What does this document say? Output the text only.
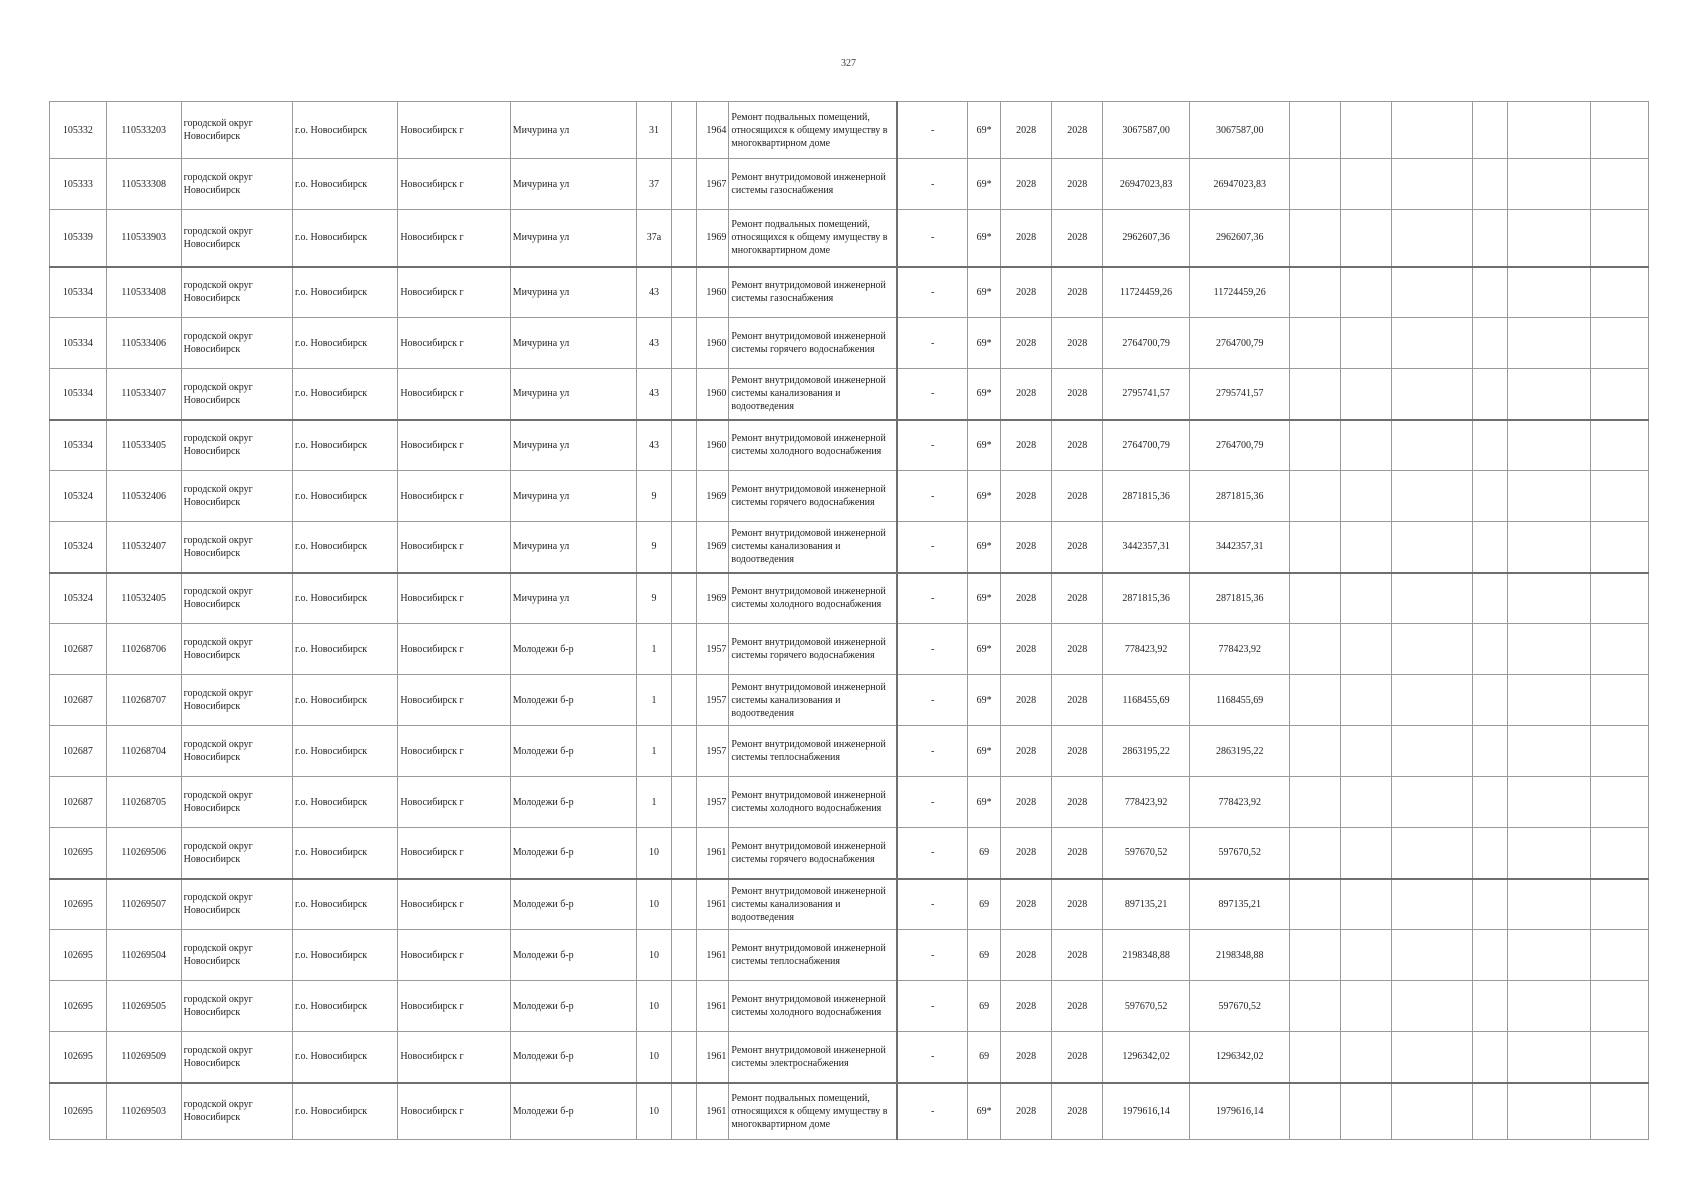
327
105332	110533203	городской округ Новосибирск	г.о. Новосибирск	Новосибирск г	Мичурина ул	31		1964	Ремонт подвальных помещений, относящихся к общему имуществу в многоквартирном доме	-	69*	2028	2028	3067587,00	3067587,00						
105333	110533308	городской округ Новосибирск	г.о. Новосибирск	Новосибирск г	Мичурина ул	37		1967	Ремонт внутридомовой инженерной системы газоснабжения	-	69*	2028	2028	26947023,83	26947023,83						
105339	110533903	городской округ Новосибирск	г.о. Новосибирск	Новосибирск г	Мичурина ул	37а		1969	Ремонт подвальных помещений, относящихся к общему имуществу в многоквартирном доме	-	69*	2028	2028	2962607,36	2962607,36						
105334	110533408	городской округ Новосибирск	г.о. Новосибирск	Новосибирск г	Мичурина ул	43		1960	Ремонт внутридомовой инженерной системы газоснабжения	-	69*	2028	2028	11724459,26	11724459,26						
105334	110533406	городской округ Новосибирск	г.о. Новосибирск	Новосибирск г	Мичурина ул	43		1960	Ремонт внутридомовой инженерной системы горячего водоснабжения	-	69*	2028	2028	2764700,79	2764700,79						
105334	110533407	городской округ Новосибирск	г.о. Новосибирск	Новосибирск г	Мичурина ул	43		1960	Ремонт внутридомовой инженерной системы канализования и водоотведения	-	69*	2028	2028	2795741,57	2795741,57						
105334	110533405	городской округ Новосибирск	г.о. Новосибирск	Новосибирск г	Мичурина ул	43		1960	Ремонт внутридомовой инженерной системы холодного водоснабжения	-	69*	2028	2028	2764700,79	2764700,79						
105324	110532406	городской округ Новосибирск	г.о. Новосибирск	Новосибирск г	Мичурина ул	9		1969	Ремонт внутридомовой инженерной системы горячего водоснабжения	-	69*	2028	2028	2871815,36	2871815,36						
105324	110532407	городской округ Новосибирск	г.о. Новосибирск	Новосибирск г	Мичурина ул	9		1969	Ремонт внутридомовой инженерной системы канализования и водоотведения	-	69*	2028	2028	3442357,31	3442357,31						
105324	110532405	городской округ Новосибирск	г.о. Новосибирск	Новосибирск г	Мичурина ул	9		1969	Ремонт внутридомовой инженерной системы холодного водоснабжения	-	69*	2028	2028	2871815,36	2871815,36						
102687	110268706	городской округ Новосибирск	г.о. Новосибирск	Новосибирск г	Молодежи б-р	1		1957	Ремонт внутридомовой инженерной системы горячего водоснабжения	-	69*	2028	2028	778423,92	778423,92						
102687	110268707	городской округ Новосибирск	г.о. Новосибирск	Новосибирск г	Молодежи б-р	1		1957	Ремонт внутридомовой инженерной системы канализования и водоотведения	-	69*	2028	2028	1168455,69	1168455,69						
102687	110268704	городской округ Новосибирск	г.о. Новосибирск	Новосибирск г	Молодежи б-р	1		1957	Ремонт внутридомовой инженерной системы теплоснабжения	-	69*	2028	2028	2863195,22	2863195,22						
102687	110268705	городской округ Новосибирск	г.о. Новосибирск	Новосибирск г	Молодежи б-р	1		1957	Ремонт внутридомовой инженерной системы холодного водоснабжения	-	69*	2028	2028	778423,92	778423,92						
102695	110269506	городской округ Новосибирск	г.о. Новосибирск	Новосибирск г	Молодежи б-р	10		1961	Ремонт внутридомовой инженерной системы горячего водоснабжения	-	69	2028	2028	597670,52	597670,52						
102695	110269507	городской округ Новосибирск	г.о. Новосибирск	Новосибирск г	Молодежи б-р	10		1961	Ремонт внутридомовой инженерной системы канализования и водоотведения	-	69	2028	2028	897135,21	897135,21						
102695	110269504	городской округ Новосибирск	г.о. Новосибирск	Новосибирск г	Молодежи б-р	10		1961	Ремонт внутридомовой инженерной системы теплоснабжения	-	69	2028	2028	2198348,88	2198348,88						
102695	110269505	городской округ Новосибирск	г.о. Новосибирск	Новосибирск г	Молодежи б-р	10		1961	Ремонт внутридомовой инженерной системы холодного водоснабжения	-	69	2028	2028	597670,52	597670,52						
102695	110269509	городской округ Новосибирск	г.о. Новосибирск	Новосибирск г	Молодежи б-р	10		1961	Ремонт внутридомовой инженерной системы электроснабжения	-	69	2028	2028	1296342,02	1296342,02						
102695	110269503	городской округ Новосибирск	г.о. Новосибирск	Новосибирск г	Молодежи б-р	10		1961	Ремонт подвальных помещений, относящихся к общему имуществу в многоквартирном доме	-	69*	2028	2028	1979616,14	1979616,14						
